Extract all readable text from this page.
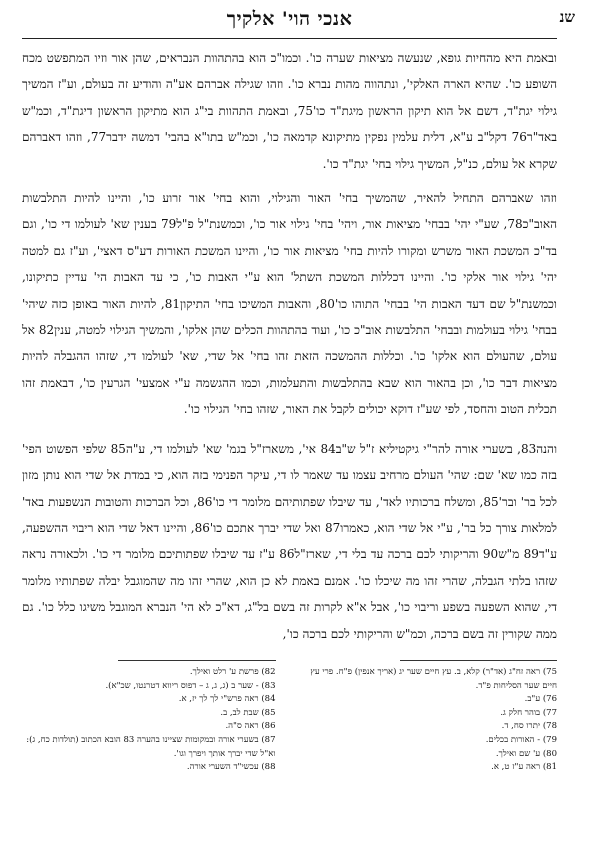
שנ
אנכי הוי' אלקיך

ובאמת היא מהחיות גופא, שנעשה מציאות שערה כו'. וכמו"כ הוא בהתהוות הנבראים, שהן אור וזיו המתפשט מכח השופע כו'. שהיא הארה האלקי', ונתהווה מהות נברא כו'. וזהו שגילה אברהם אע"ה והודיע זה בעולם, וע"ז המשיך גילוי יגת"ד, דשם אל הוא תיקון הראשון מיגת"ד כו'75, ובאמת התהוות בי"ג הוא מתיקון הראשון דיגת"ד, וכמ"ש באד"ר76 דקל"ב ע"א, דלית עלמין נפקין מתיקונא קדמאה כו', וכמ"ש בתו"א בהבי' דמשה ידבר77, וזהו דאברהם שקרא אל עולם, כנ"ל, המשיך גילוי בחי' יגת"ד כו'.

וזהו שאברהם התחיל להאיר, שהמשיך בחי' האור והגילוי, והוא בחי' אור זרוע כו', והיינו להיות התלבשות האוב"כ78, שע"י יהי' בבחי' מציאות אור, ויהי' בחי' גילוי אור כו', וכמשנת"ל פ"ל79 בענין שא' לעולמו די כו', וגם בד"כ המשכת האור משרש ומקורו להיות בחי' מציאות אור כו', והיינו המשכת האורות דע"ס דאצי', וע"ז גם למטה יהי' גילוי אור אלקי כו'. והיינו דכללות המשכת השתל' הוא ע"י האבות כו', כי עד האבות הי' עדיין כתיקונו, וכמשנת"ל שם דעד האבות הי' בבחי' התוהו כו'80, והאבות המשיכו בחי' התיקון81, להיות האור באופן כזה שיהי' בבחי' גילוי בעולמות ובבחי' התלבשות אוב"כ כו', ועוד בהתהוות הכלים שהן אלקו', והמשיך הגילוי למטה, ענין82 אל עולם, שהעולם הוא אלקו' כו'. וכללות ההמשכה הזאת זהו בחי' אל שדי, שא' לעולמו די, שזהו ההגבלה להיות מציאות דבר כו', וכן בהאור הוא שבא בהתלבשות והתעלמות, וכמו ההגשמה ע"י אמצעי' הגרעין כו', דבאמת זהו תכלית הטוב והחסד, לפי שע"ז דוקא יכולים לקבל את האור, שזהו בחי' הגילוי כו'.

והנה83, בשערי אורה להר"י גיקטיליא ז"ל ש"ב84 אי', משארז"ל בגמ' שא' לעולמו די, ע"ה85 שלפי הפשוט הפי' בזה כמו שא' שם: שהי' העולם מרחיב עצמו עד שאמר לו די, עיקר הפנימי בזה הוא, כי במדת אל שדי הוא נותן מזון לכל בר' ובר'85, ומשלח ברכותיו לאד', עד שיבלו שפתותיהם מלומר די כו'86, וכל הברכות והטובות הנשפעות באד' למלאות צורך כל בר', ע"י אל שדי הוא, כאמרו87 ואל שדי יברך אתכם כו'86, והיינו דאל שדי הוא ריבוי ההשפעה, ע"ד89 מ"ש90 והריקותי לכם ברכה עד בלי די, שארז"ל86 ע"ז עד שיבלו שפתותיכם מלומר די כו'. ולכאורה נראה שזהו בלתי הגבלה, שהרי זהו מה שיכלו כו'. אמנם באמת לא כן הוא, שהרי זהו מה שהמוגבל יבלה שפתותיו מלומר די, שהוא השפעה בשפע וריבוי כו', אבל א"א לקרות זה בשם בל"ג, דא"כ לא הי' הנברא המוגבל משיגו כלל כו'. גם ממה שקורין זה בשם ברכה, וכמ"ש והריקותי לכם ברכה כו',

75) ראה זח"ג (אד"ר) קלא, ב. עץ חיים שער יג (אריך אנפין) פ"ח. פרי עץ חיים שער הסליחות פ"ד.

76) ע"ב.

77) בוהר חלק ג.

78) יתרו סח, ד.

79) - האורות בכלים.

80) ע' שם ואילך.

81) ראה ע"ז ט, א.

82) פרשת ע' רלט ואילך.

83) - שער ב (ג, ג, ג – דפוס ריווא דטרנטו, שכ"א).

84) ראה פרש"י לך לך יז, א.

85) שבת לב, ב.

86) ראה ס"ה.

87) בשערי אורה ובמקומות שציינו בהערה 83 הובא הכתוב (תולדות כח, ג): וא"ל שדי יברך אותך ויפרך וגו'.

88) עכשי"ד השערי אורה.
